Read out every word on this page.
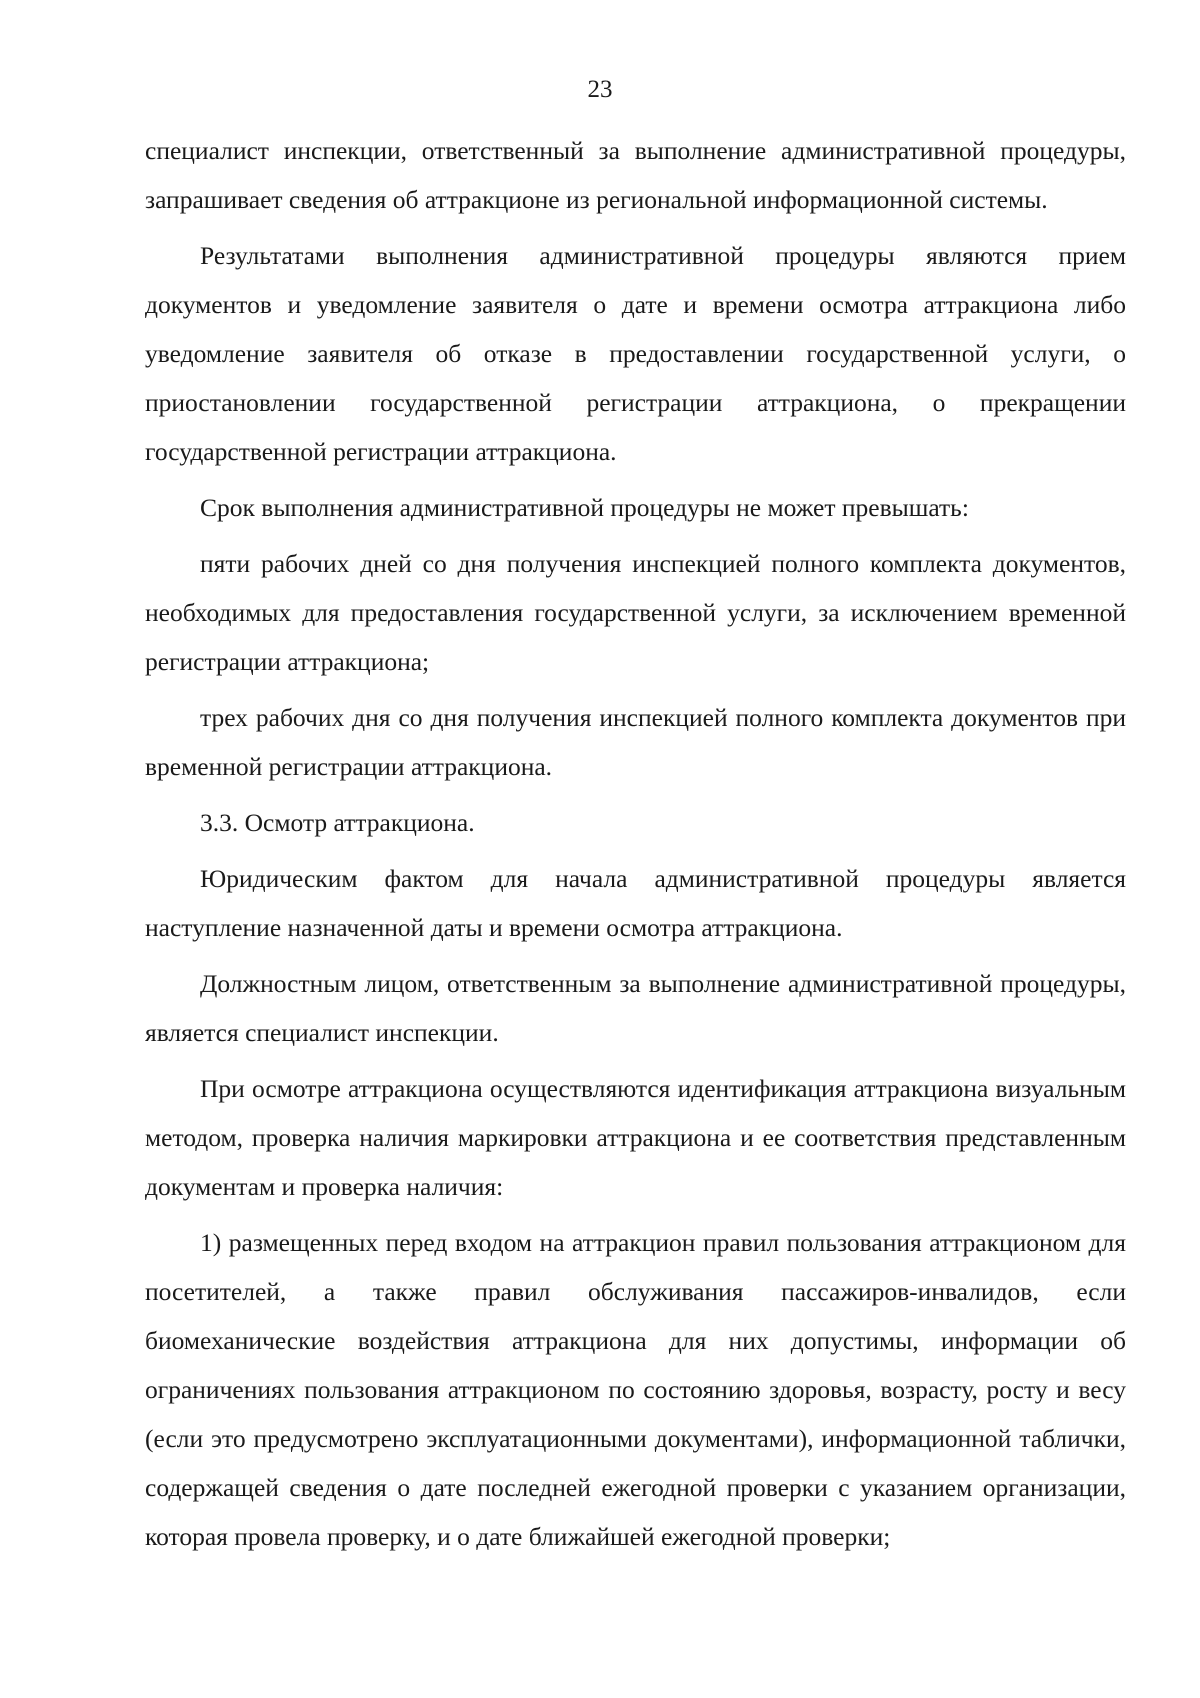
23

специалист инспекции, ответственный за выполнение административной процедуры, запрашивает сведения об аттракционе из региональной информационной системы.

Результатами выполнения административной процедуры являются прием документов и уведомление заявителя о дате и времени осмотра аттракциона либо уведомление заявителя об отказе в предоставлении государственной услуги, о приостановлении государственной регистрации аттракциона, о прекращении государственной регистрации аттракциона.

Срок выполнения административной процедуры не может превышать:

пяти рабочих дней со дня получения инспекцией полного комплекта документов, необходимых для предоставления государственной услуги, за исключением временной регистрации аттракциона;

трех рабочих дня со дня получения инспекцией полного комплекта документов при временной регистрации аттракциона.

3.3. Осмотр аттракциона.

Юридическим фактом для начала административной процедуры является наступление назначенной даты и времени осмотра аттракциона.

Должностным лицом, ответственным за выполнение административной процедуры, является специалист инспекции.

При осмотре аттракциона осуществляются идентификация аттракциона визуальным методом, проверка наличия маркировки аттракциона и ее соответствия представленным документам и проверка наличия:

1) размещенных перед входом на аттракцион правил пользования аттракционом для посетителей, а также правил обслуживания пассажиров-инвалидов, если биомеханические воздействия аттракциона для них допустимы, информации об ограничениях пользования аттракционом по состоянию здоровья, возрасту, росту и весу (если это предусмотрено эксплуатационными документами), информационной таблички, содержащей сведения о дате последней ежегодной проверки с указанием организации, которая провела проверку, и о дате ближайшей ежегодной проверки;
